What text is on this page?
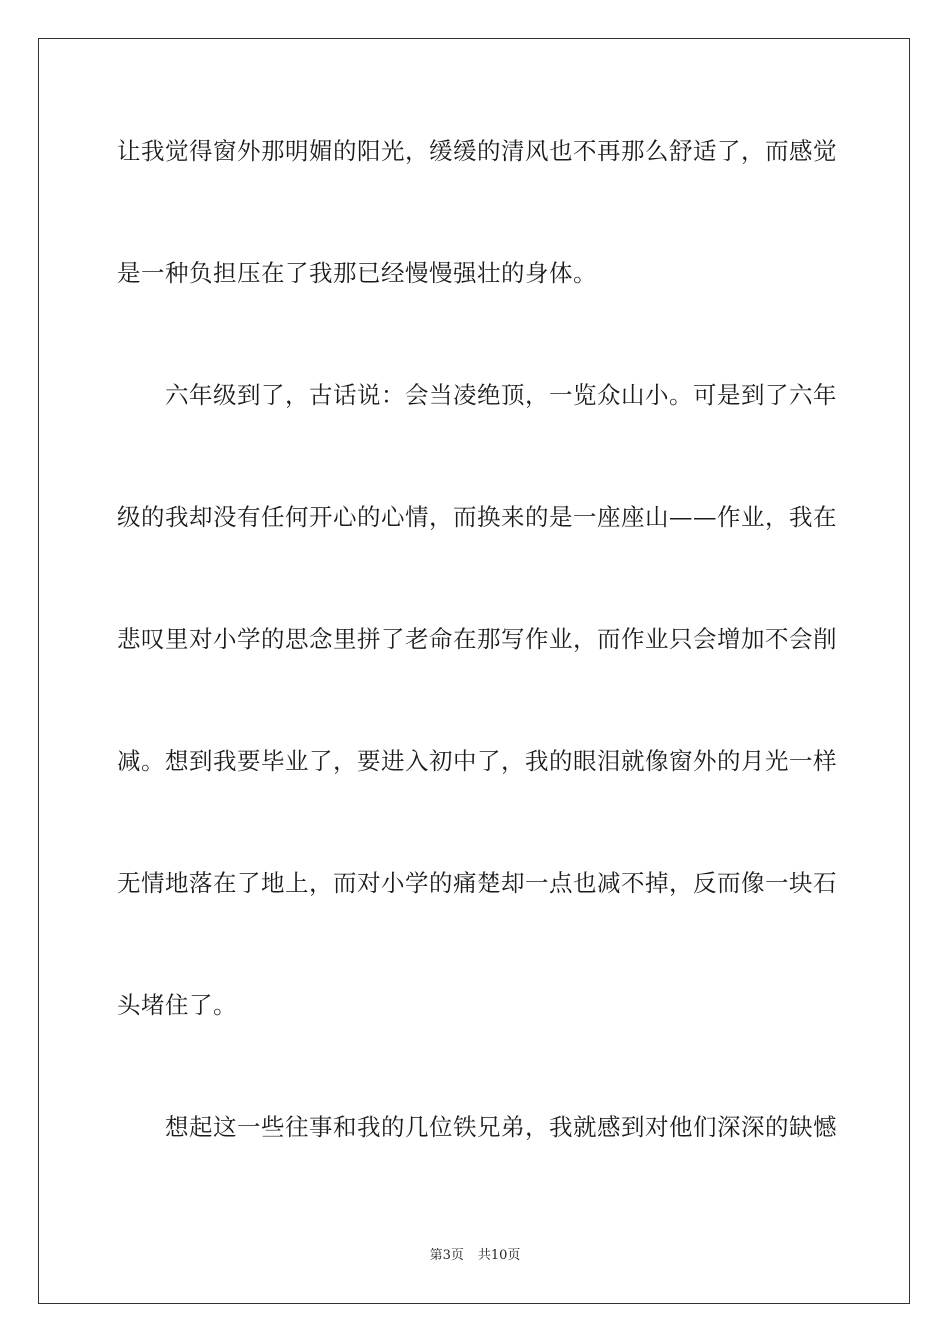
让我觉得窗外那明媚的阳光，缓缓的清风也不再那么舒适了，而感觉
是一种负担压在了我那已经慢慢强壮的身体。
　　六年级到了，古话说：会当凌绝顶，一览众山小。可是到了六年
级的我却没有任何开心的心情，而换来的是一座座山——作业，我在
悲叹里对小学的思念里拼了老命在那写作业，而作业只会增加不会削
减。想到我要毕业了，要进入初中了，我的眼泪就像窗外的月光一样
无情地落在了地上，而对小学的痛楚却一点也减不掉，反而像一块石
头堵住了。
　　想起这一些往事和我的几位铁兄弟，我就感到对他们深深的缺憾
第3页 共10页
